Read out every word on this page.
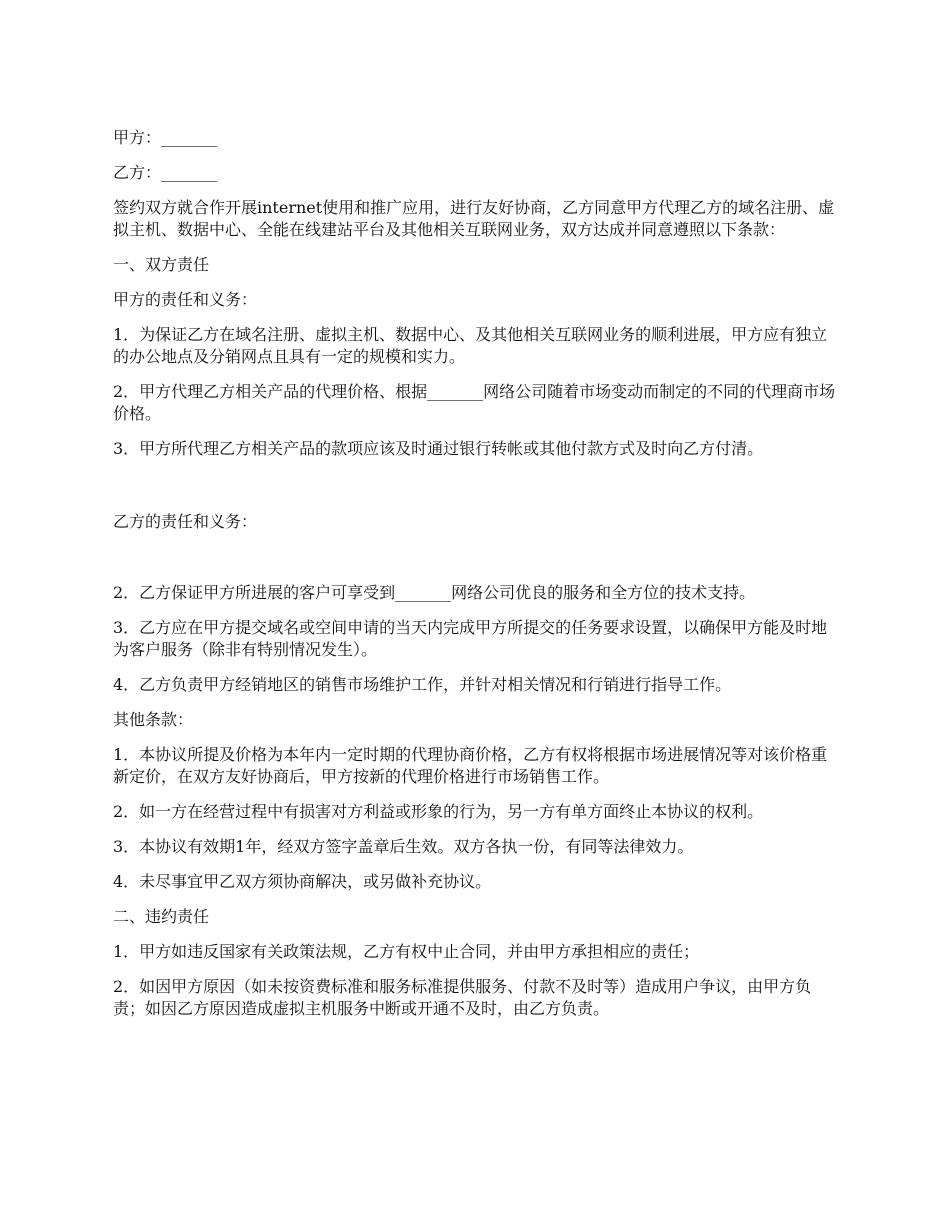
甲方：_______

乙方：_______

签约双方就合作开展internet使用和推广应用，进行友好协商，乙方同意甲方代理乙方的域名注册、虚拟主机、数据中心、全能在线建站平台及其他相关互联网业务，双方达成并同意遵照以下条款：

一、双方责任

甲方的责任和义务：

1．为保证乙方在域名注册、虚拟主机、数据中心、及其他相关互联网业务的顺利进展，甲方应有独立的办公地点及分销网点且具有一定的规模和实力。

2．甲方代理乙方相关产品的代理价格、根据_______网络公司随着市场变动而制定的不同的代理商市场价格。

3．甲方所代理乙方相关产品的款项应该及时通过银行转帐或其他付款方式及时向乙方付清。

乙方的责任和义务：

2．乙方保证甲方所进展的客户可享受到_______网络公司优良的服务和全方位的技术支持。

3．乙方应在甲方提交域名或空间申请的当天内完成甲方所提交的任务要求设置，以确保甲方能及时地为客户服务（除非有特别情况发生）。

4．乙方负责甲方经销地区的销售市场维护工作，并针对相关情况和行销进行指导工作。

其他条款：

1．本协议所提及价格为本年内一定时期的代理协商价格，乙方有权将根据市场进展情况等对该价格重新定价，在双方友好协商后，甲方按新的代理价格进行市场销售工作。

2．如一方在经营过程中有损害对方利益或形象的行为，另一方有单方面终止本协议的权利。

3．本协议有效期1年，经双方签字盖章后生效。双方各执一份，有同等法律效力。

4．未尽事宜甲乙双方须协商解决，或另做补充协议。

二、违约责任

1．甲方如违反国家有关政策法规，乙方有权中止合同，并由甲方承担相应的责任；

2．如因甲方原因（如未按资费标准和服务标准提供服务、付款不及时等）造成用户争议，由甲方负责；如因乙方原因造成虚拟主机服务中断或开通不及时，由乙方负责。
